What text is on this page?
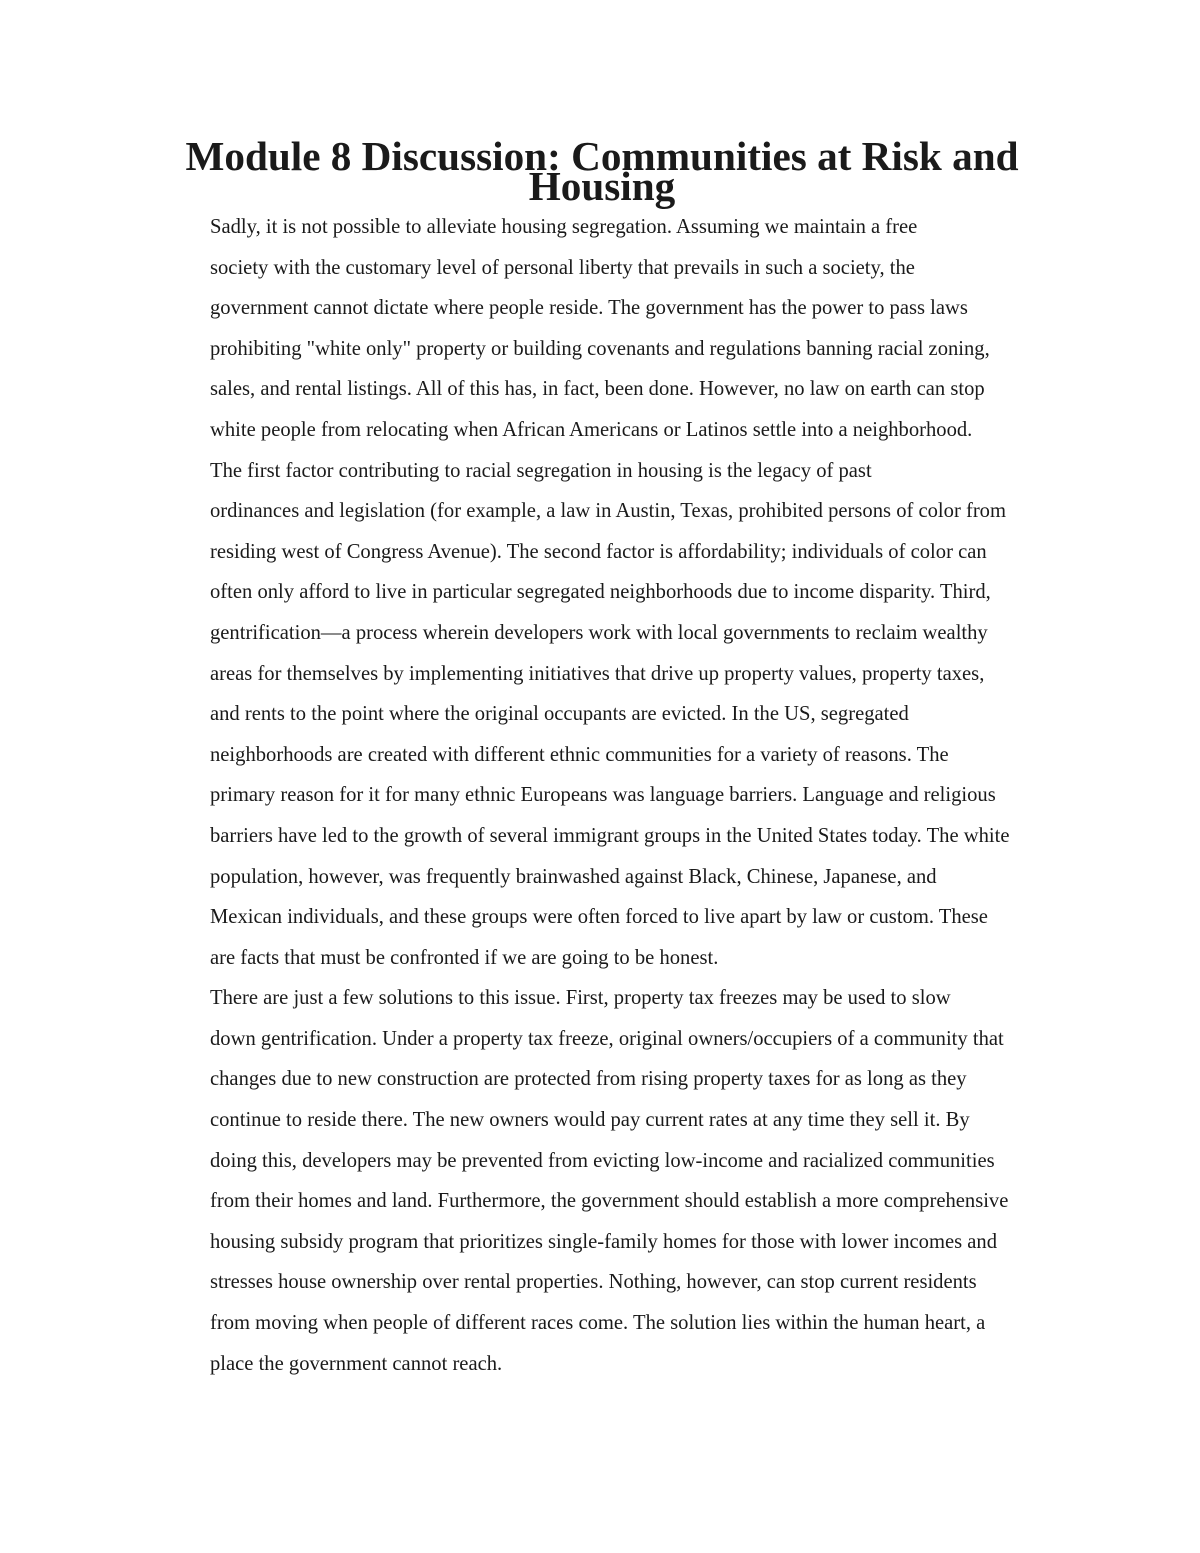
Module 8 Discussion: Communities at Risk and Housing

Sadly, it is not possible to alleviate housing segregation. Assuming we maintain a free
society with the customary level of personal liberty that prevails in such a society, the
government cannot dictate where people reside. The government has the power to pass laws
prohibiting "white only" property or building covenants and regulations banning racial zoning,
sales, and rental listings. All of this has, in fact, been done. However, no law on earth can stop
white people from relocating when African Americans or Latinos settle into a neighborhood.

The first factor contributing to racial segregation in housing is the legacy of past
ordinances and legislation (for example, a law in Austin, Texas, prohibited persons of color from
residing west of Congress Avenue). The second factor is affordability; individuals of color can
often only afford to live in particular segregated neighborhoods due to income disparity. Third,
gentrification—a process wherein developers work with local governments to reclaim wealthy
areas for themselves by implementing initiatives that drive up property values, property taxes,
and rents to the point where the original occupants are evicted. In the US, segregated
neighborhoods are created with different ethnic communities for a variety of reasons. The
primary reason for it for many ethnic Europeans was language barriers. Language and religious
barriers have led to the growth of several immigrant groups in the United States today. The white
population, however, was frequently brainwashed against Black, Chinese, Japanese, and
Mexican individuals, and these groups were often forced to live apart by law or custom. These
are facts that must be confronted if we are going to be honest.

There are just a few solutions to this issue. First, property tax freezes may be used to slow
down gentrification. Under a property tax freeze, original owners/occupiers of a community that
changes due to new construction are protected from rising property taxes for as long as they
continue to reside there. The new owners would pay current rates at any time they sell it. By
doing this, developers may be prevented from evicting low-income and racialized communities
from their homes and land. Furthermore, the government should establish a more comprehensive
housing subsidy program that prioritizes single-family homes for those with lower incomes and
stresses house ownership over rental properties. Nothing, however, can stop current residents
from moving when people of different races come. The solution lies within the human heart, a
place the government cannot reach.
